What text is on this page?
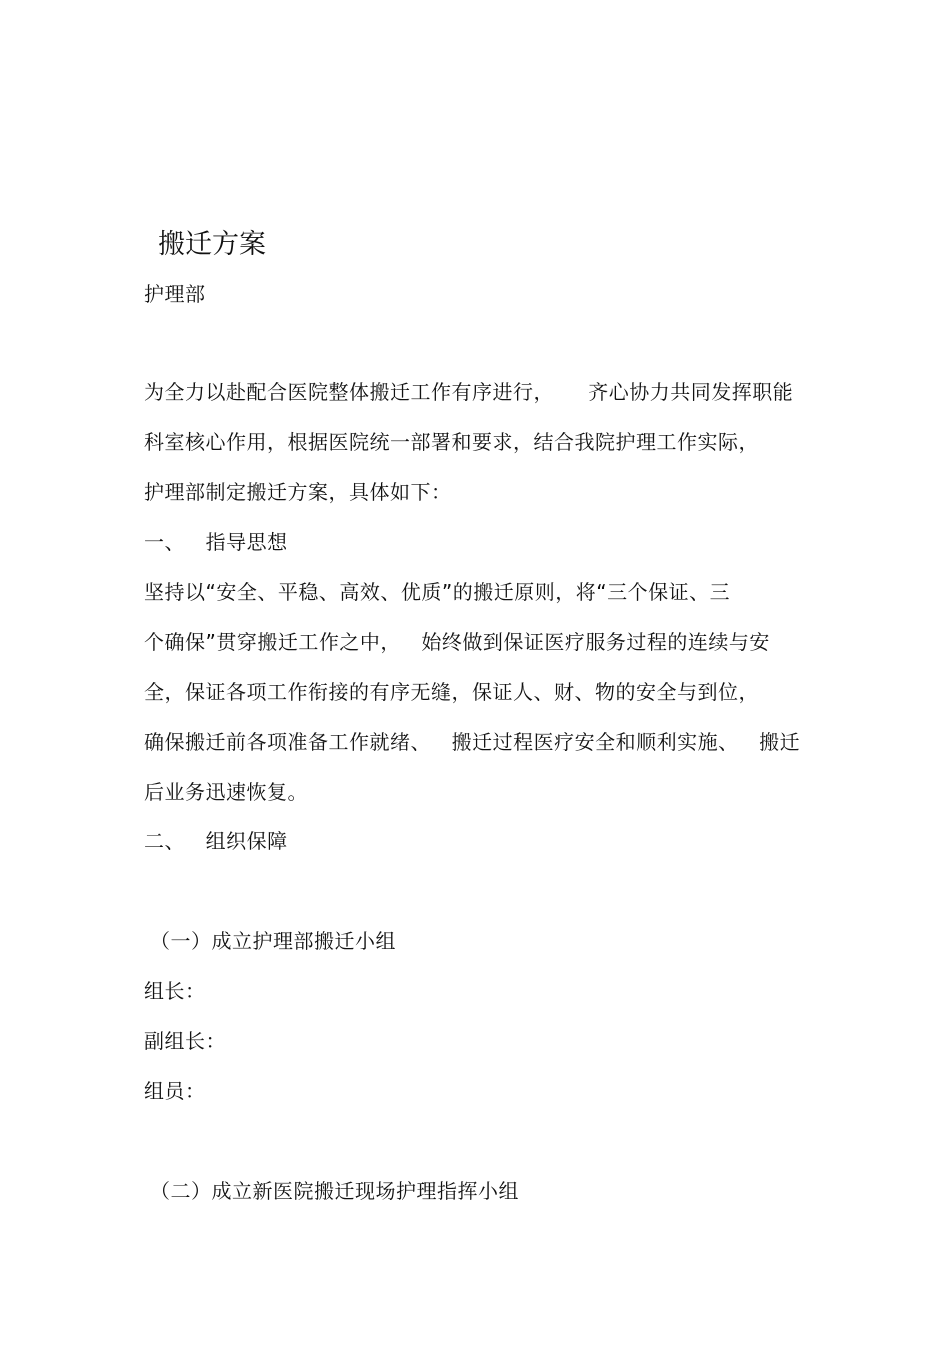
搬迁方案
护理部
为全力以赴配合医院整体搬迁工作有序进行，     齐心协力共同发挥职能
科室核心作用，根据医院统一部署和要求，结合我院护理工作实际，
护理部制定搬迁方案，具体如下：
一、   指导思想
坚持以“安全、平稳、高效、优质”的搬迁原则，将“三个保证、三
个确保”贯穿搬迁工作之中，   始终做到保证医疗服务过程的连续与安
全，保证各项工作衔接的有序无缝，保证人、财、物的安全与到位，
确保搬迁前各项准备工作就绪、   搬迁过程医疗安全和顺利实施、   搬迁
后业务迅速恢复。
二、   组织保障
（一）成立护理部搬迁小组
组长：
副组长：
组员：
（二）成立新医院搬迁现场护理指挥小组
